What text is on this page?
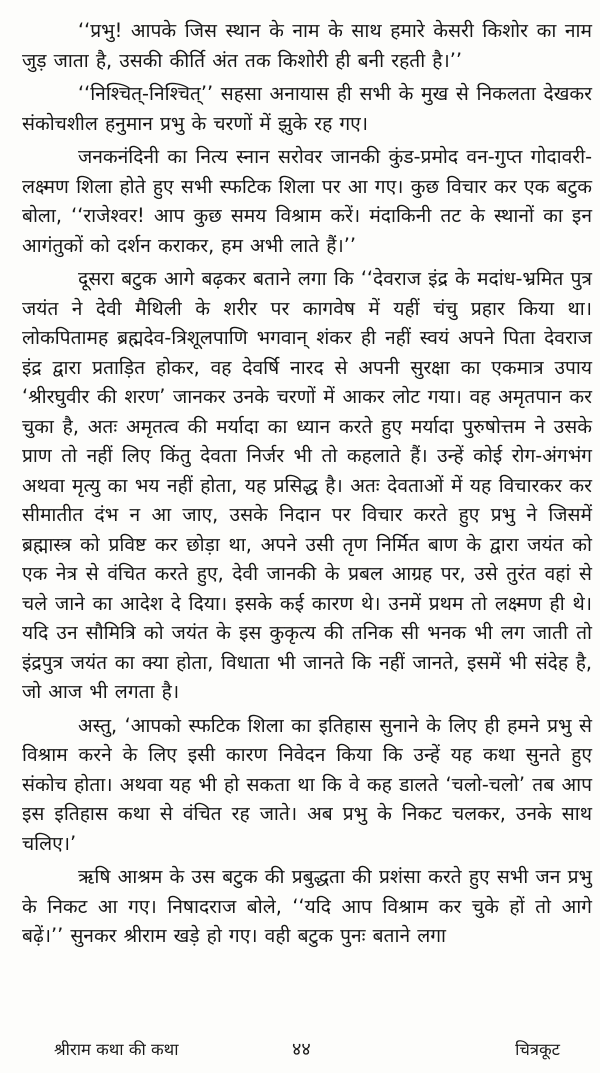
‘‘प्रभु! आपके जिस स्थान के नाम के साथ हमारे केसरी किशोर का नाम जुड़ जाता है, उसकी कीर्ति अंत तक किशोरी ही बनी रहती है।’’

‘‘निश्चित्-निश्चित्’’ सहसा अनायास ही सभी के मुख से निकलता देखकर संकोचशील हनुमान प्रभु के चरणों में झुके रह गए।

जनकनंदिनी का नित्य स्नान सरोवर जानकी कुंड-प्रमोद वन-गुप्त गोदावरी-लक्ष्मण शिला होते हुए सभी स्फटिक शिला पर आ गए। कुछ विचार कर एक बटुक बोला, ‘‘राजेश्वर! आप कुछ समय विश्राम करें। मंदाकिनी तट के स्थानों का इन आगंतुकों को दर्शन कराकर, हम अभी लाते हैं।’’

दूसरा बटुक आगे बढ़कर बताने लगा कि ‘‘देवराज इंद्र के मदांध-भ्रमित पुत्र जयंत ने देवी मैथिली के शरीर पर कागवेष में यहीं चंचु प्रहार किया था। लोकपितामह ब्रह्मदेव-त्रिशूलपाणि भगवान् शंकर ही नहीं स्वयं अपने पिता देवराज इंद्र द्वारा प्रताड़ित होकर, वह देवर्षि नारद से अपनी सुरक्षा का एकमात्र उपाय ‘श्रीरघुवीर की शरण’ जानकर उनके चरणों में आकर लोट गया। वह अमृतपान कर चुका है, अतः अमृतत्व की मर्यादा का ध्यान करते हुए मर्यादा पुरुषोत्तम ने उसके प्राण तो नहीं लिए किंतु देवता निर्जर भी तो कहलाते हैं। उन्हें कोई रोग-अंगभंग अथवा मृत्यु का भय नहीं होता, यह प्रसिद्ध है। अतः देवताओं में यह विचारकर कर सीमातीत दंभ न आ जाए, उसके निदान पर विचार करते हुए प्रभु ने जिसमें ब्रह्मास्त्र को प्रविष्ट कर छोड़ा था, अपने उसी तृण निर्मित बाण के द्वारा जयंत को एक नेत्र से वंचित करते हुए, देवी जानकी के प्रबल आग्रह पर, उसे तुरंत वहां से चले जाने का आदेश दे दिया। इसके कई कारण थे। उनमें प्रथम तो लक्ष्मण ही थे। यदि उन सौमित्रि को जयंत के इस कुकृत्य की तनिक सी भनक भी लग जाती तो इंद्रपुत्र जयंत का क्या होता, विधाता भी जानते कि नहीं जानते, इसमें भी संदेह है, जो आज भी लगता है।

अस्तु, ‘आपको स्फटिक शिला का इतिहास सुनाने के लिए ही हमने प्रभु से विश्राम करने के लिए इसी कारण निवेदन किया कि उन्हें यह कथा सुनते हुए संकोच होता। अथवा यह भी हो सकता था कि वे कह डालते ‘चलो-चलो’ तब आप इस इतिहास कथा से वंचित रह जाते। अब प्रभु के निकट चलकर, उनके साथ चलिए।’

ऋषि आश्रम के उस बटुक की प्रबुद्धता की प्रशंसा करते हुए सभी जन प्रभु के निकट आ गए। निषादराज बोले, ‘‘यदि आप विश्राम कर चुके हों तो आगे बढ़ें।’’ सुनकर श्रीराम खड़े हो गए। वही बटुक पुनः बताने लगा

श्रीराम कथा की कथा	४४	चित्रकूट
